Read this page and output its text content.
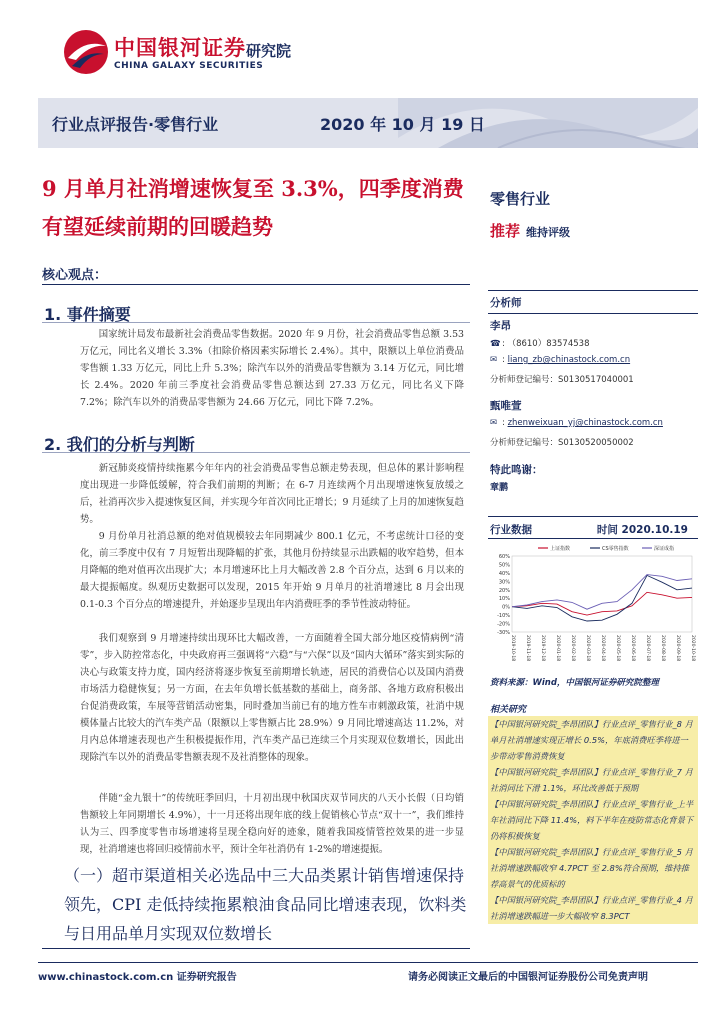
中国银河证券 研究院
CHINA GALAXY SECURITIES
行业点评报告·零售行业	2020 年 10 月 19 日
9 月单月社消增速恢复至 3.3%，四季度消费有望延续前期的回暖趋势
核心观点：
1. 事件摘要
国家统计局发布最新社会消费品零售数据。2020 年 9 月份，社会消费品零售总额 3.53 万亿元，同比名义增长 3.3%（扣除价格因素实际增长 2.4%）。其中，限额以上单位消费品零售额 1.33 万亿元，同比上升 5.3%；除汽车以外的消费品零售额为 3.14 万亿元，同比增长 2.4%。2020 年前三季度社会消费品零售总额达到 27.33 万亿元，同比名义下降 7.2%；除汽车以外的消费品零售额为 24.66 万亿元，同比下降 7.2%。
2. 我们的分析与判断
新冠肺炎疫情持续拖累今年年内的社会消费品零售总额走势表现，但总体的累计影响程度出现进一步降低缓解，符合我们前期的判断；在 6-7 月连续两个月出现增速恢复放缓之后，社消再次步入提速恢复区间，并实现今年首次同比正增长；9 月延续了上月的加速恢复趋势。
9 月份单月社消总额的绝对值规模较去年同期减少 800.1 亿元，不考虑统计口径的变化，前三季度中仅有 7 月短暂出现降幅的扩张，其他月份持续显示出跌幅的收窄趋势，但本月降幅的绝对值再次出现扩大；本月增速环比上月大幅改善 2.8 个百分点，达到 6 月以来的最大提振幅度。纵观历史数据可以发现，2015 年开始 9 月单月的社消增速比 8 月会出现 0.1-0.3 个百分点的增速提升，并始逐步呈现出年内消费旺季的季节性波动特征。
我们观察到 9 月增速持续出现环比大幅改善，一方面随着全国大部分地区疫情病例“清零”，步入防控常态化，中央政府再三强调将“六稳”与“六保”以及“国内大循环”落实到实际的决心与政策支持力度，国内经济将逐步恢复至前期增长轨迹，居民的消费信心以及国内消费市场活力稳健恢复；另一方面，在去年负增长低基数的基础上，商务部、各地方政府积极出台促消费政策，车展等营销活动密集，同时叠加当前已有的地方性车市刺激政策，社消中规模体量占比较大的汽车类产品（限额以上零售额占比 28.9%）9 月同比增速高达 11.2%，对月内总体增速表现也产生积极提振作用，汽车类产品已连续三个月实现双位数增长，因此出现除汽车以外的消费品零售额表现不及社消整体的现象。
伴随“金九银十”的传统旺季回归，十月初出现中秋国庆双节同庆的八天小长假（日均销售额较上年同期增长 4.9%），十一月还将出现年底的线上促销核心节点“双十一”，我们维持认为三、四季度零售市场增速将呈现全稳向好的迹象，随着我国疫情管控效果的进一步显现，社消增速也将回归疫情前水平，预计全年社消仍有 1-2%的增速提振。
（一）超市渠道相关必选品中三大品类累计销售增速保持领先，CPI 走低持续拖累粮油食品同比增速表现，饮料类与日用品单月实现双位数增长
零售行业
推荐 维持评级
分析师
李昂
☎: （8610）83574538
✉ : liang_zb@chinastock.com.cn
分析师登记编号：S0130517040001
甄唯萱
✉ : zhenweixuan_yj@chinastock.com.cn
分析师登记编号：S0130520050002
特此鸣谢：
章鹏
行业数据	时间 2020.10.19
60%
50%
40%
30%
20%
10%
0%
-10%
-20%
-30%
2019-10-18 2019-11-18 2019-12-18 2020-01-18 2020-02-18 2020-03-18 2020-04-18 2020-05-18 2020-06-18 2020-07-18 2020-08-18 2020-09-18 2020-10-18
上证指数	CS零售指数	深证成指
资料来源：Wind，中国银河证券研究院整理
相关研究
【中国银河研究院_李昂团队】行业点评_零售行业_8 月单月社消增速实现正增长 0.5%，年底消费旺季将进一步带动零售消费恢复
【中国银河研究院_李昂团队】行业点评_零售行业_7 月社消同比下滑 1.1%，环比改善低于预期
【中国银河研究院_李昂团队】行业点评_零售行业_上半年社消同比下降 11.4%，料下半年在疫防常态化背景下仍将积极恢复
【中国银河研究院_李昂团队】行业点评_零售行业_5 月社消增速跌幅收窄 4.7PCT 至 2.8%符合预期，维持推荐高景气的优质标的
【中国银河研究院_李昂团队】行业点评_零售行业_4 月社消增速跌幅进一步大幅收窄 8.3PCT
www.chinastock.com.cn 证券研究报告	请务必阅读正文最后的中国银河证券股份公司免责声明
